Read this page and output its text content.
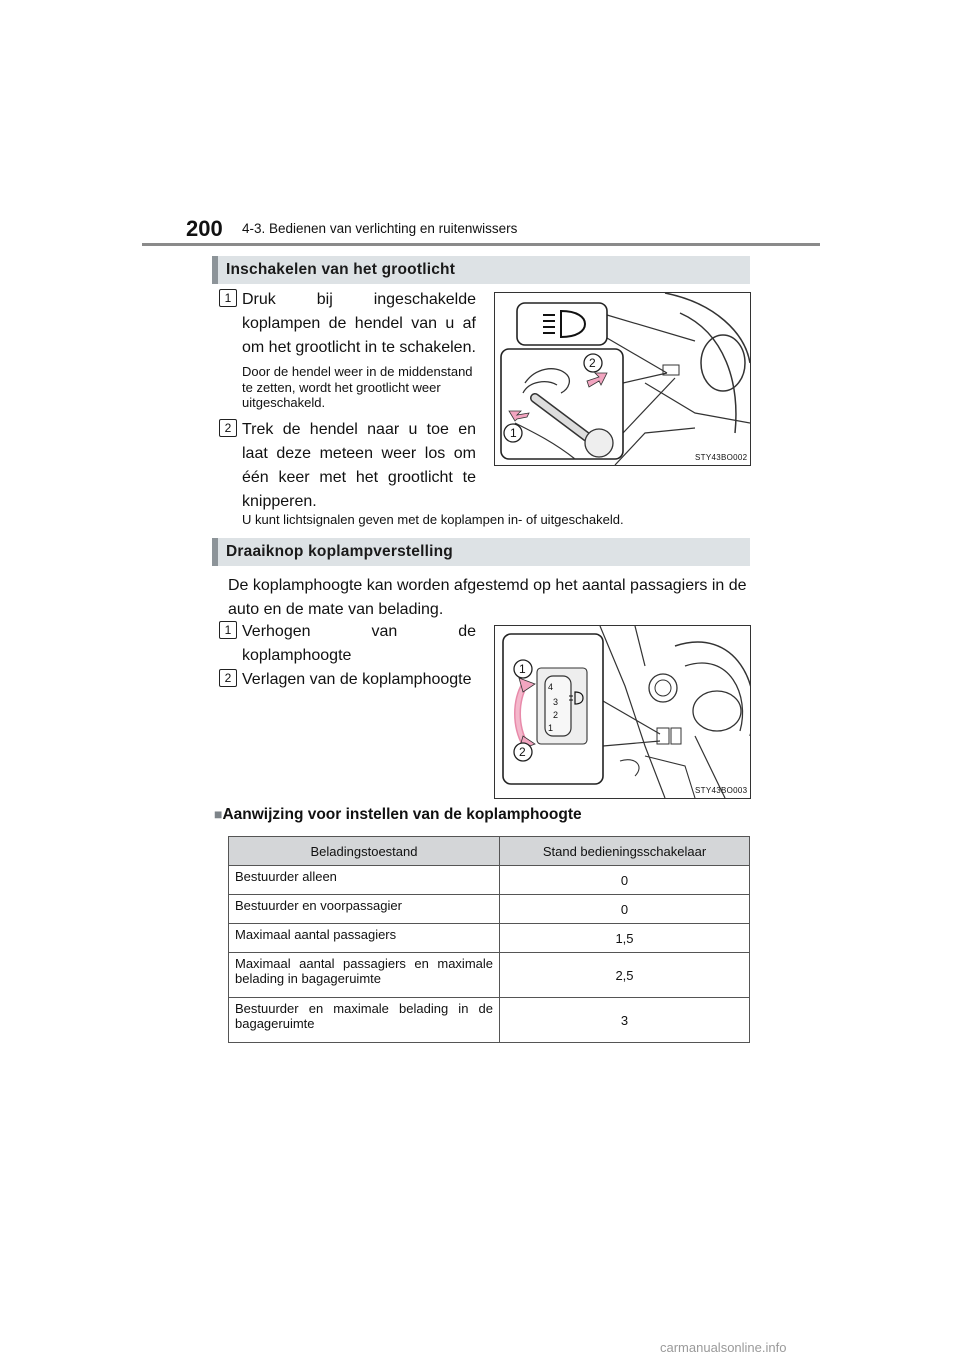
200 4-3. Bedienen van verlichting en ruitenwissers
Inschakelen van het grootlicht
1 Druk bij ingeschakelde koplampen de hendel van u af om het grootlicht in te schakelen.
Door de hendel weer in de middenstand te zetten, wordt het grootlicht weer uitgeschakeld.
2 Trek de hendel naar u toe en laat deze meteen weer los om één keer met het grootlicht te knipperen.
U kunt lichtsignalen geven met de koplampen in- of uitgeschakeld.
2
1
STY43BO002
Draaiknop koplampverstelling
De koplamphoogte kan worden afgestemd op het aantal passagiers in de auto en de mate van belading.
1 Verhogen van de koplamphoogte
2 Verlagen van de koplamphoogte	4
3
2
1
1
2
STY43BO003
■Aanwijzing voor instellen van de koplamphoogte
Beladingstoestand	Stand bedieningsschakelaar
Bestuurder alleen	0
Bestuurder en voorpassagier	0
Maximaal aantal passagiers	1,5
Maximaal aantal passagiers en maximale belading in bagageruimte	2,5
Bestuurder en maximale belading in de bagageruimte	3
carmanualsonline.info
